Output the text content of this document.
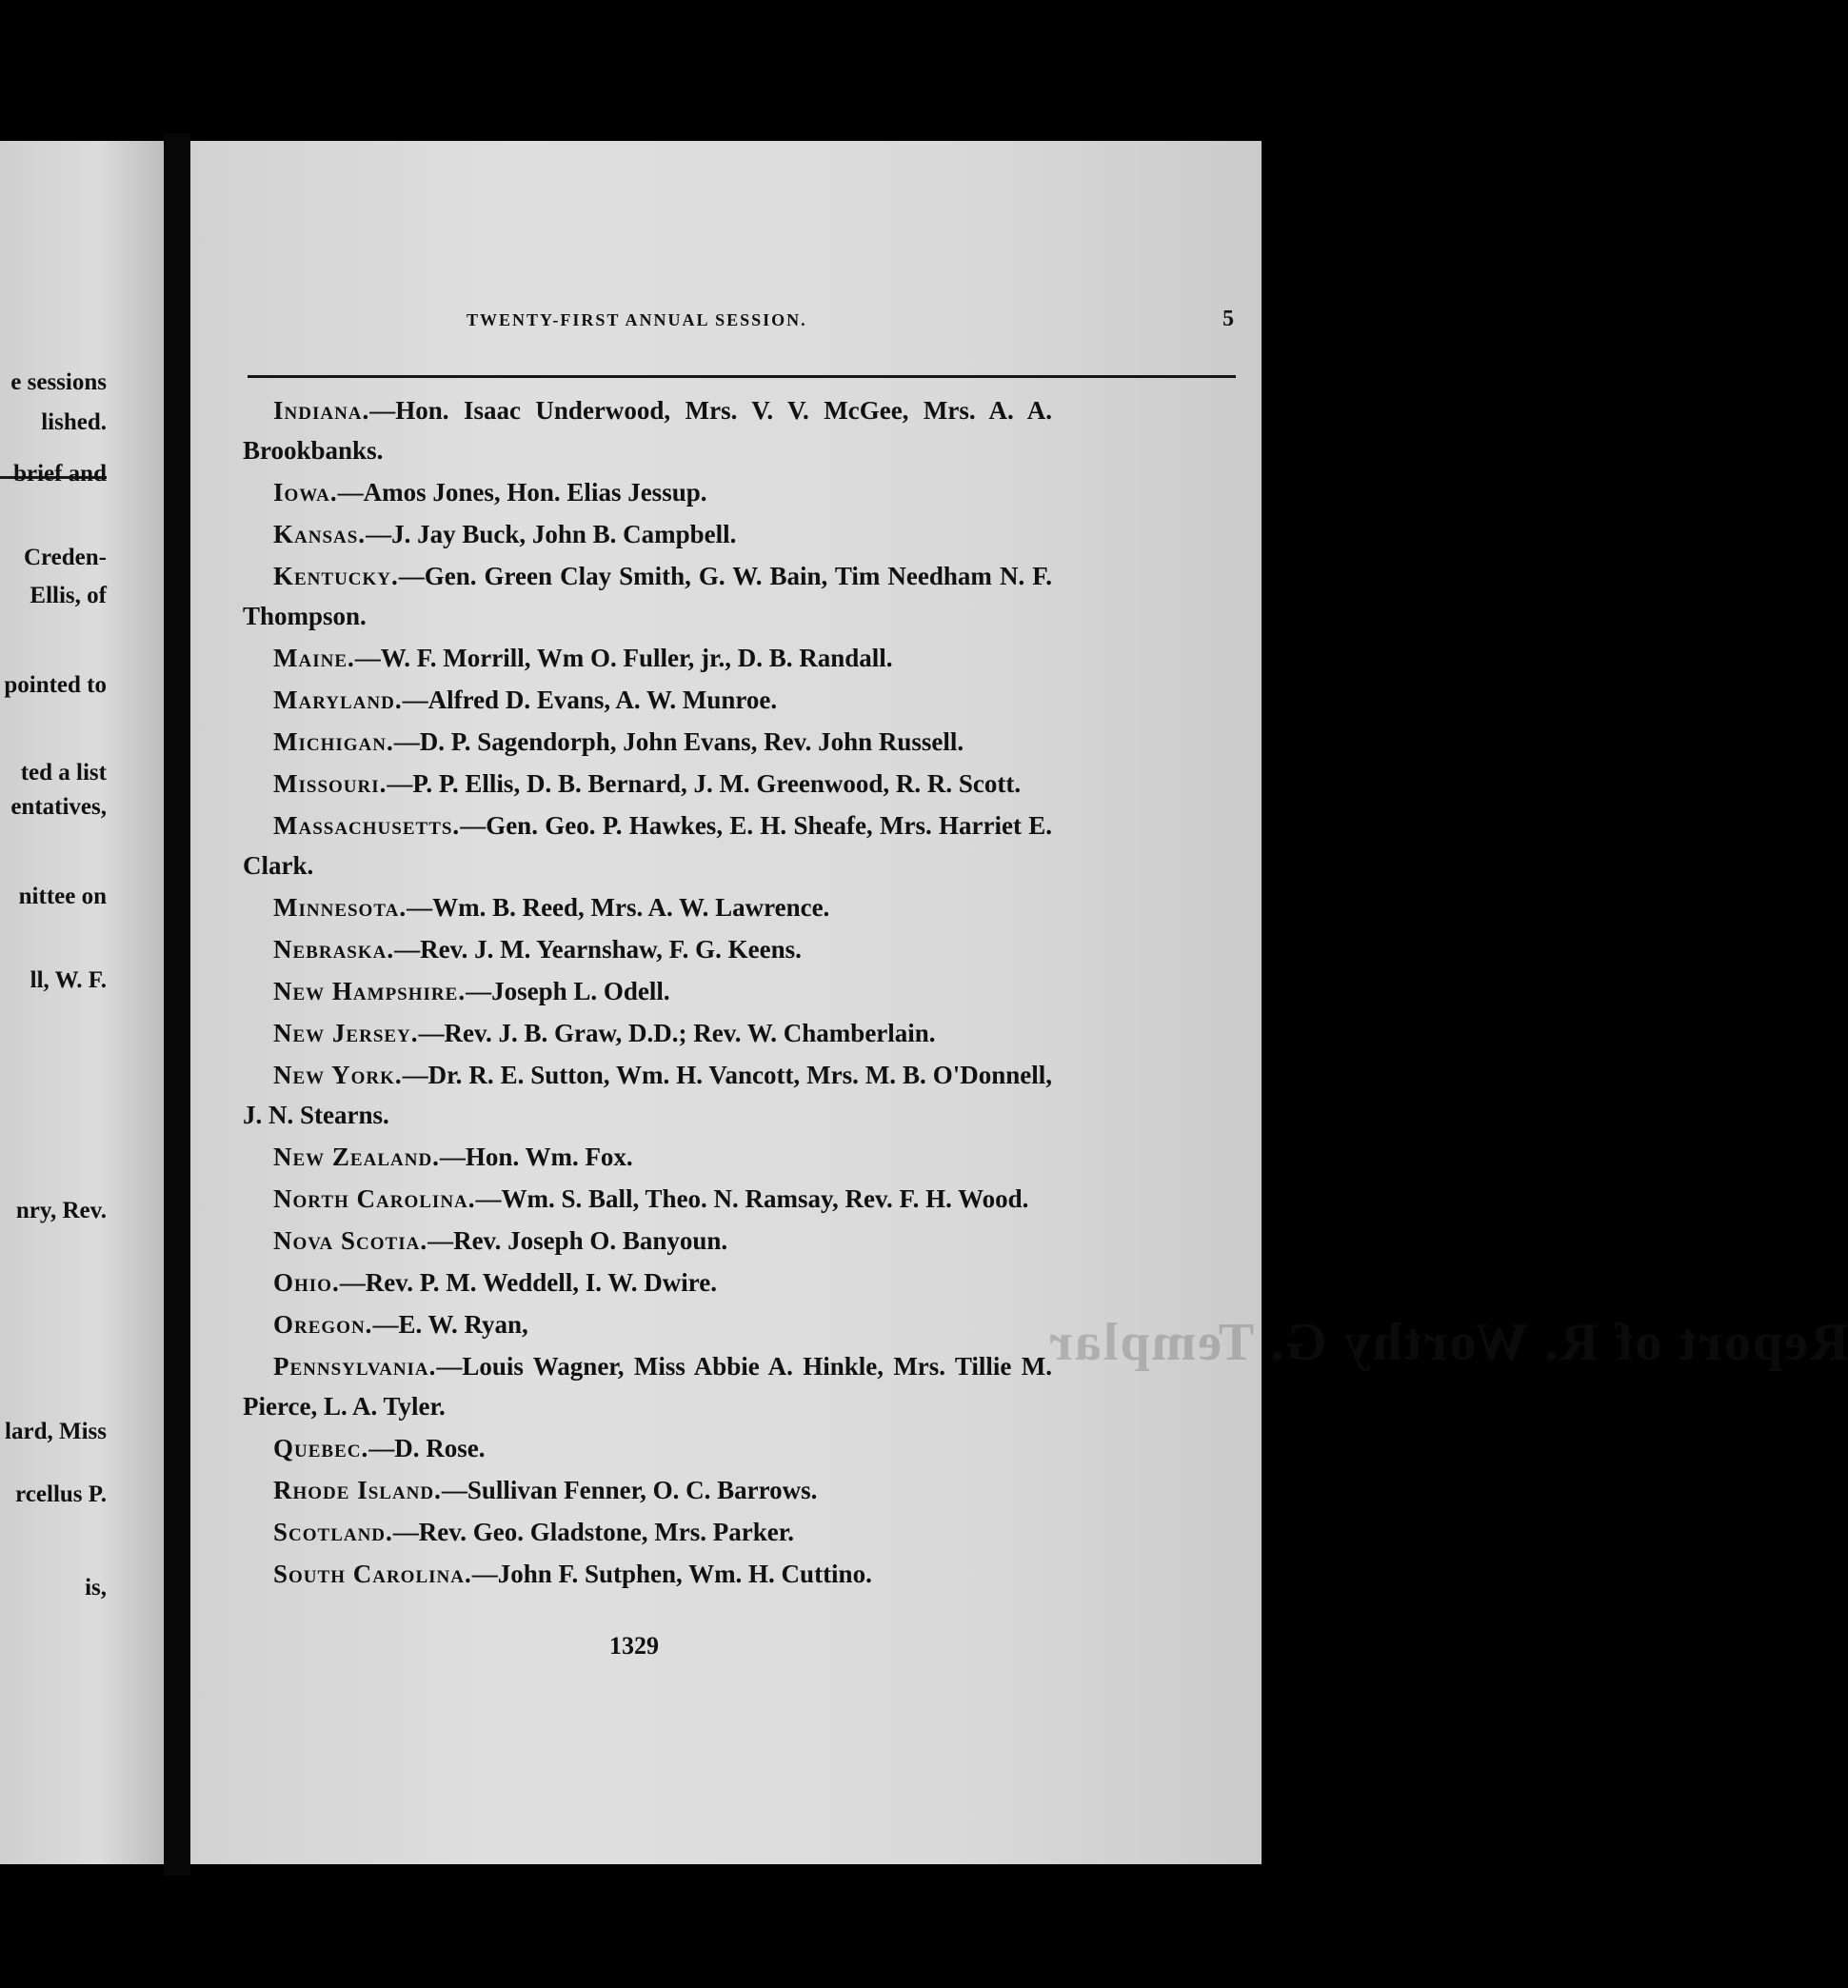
e sessions
lished.
brief and
Creden-
Ellis, of
pointed to
ted a list
entatives,
nittee on
ll, W. F.
nry, Rev.
lard, Miss
rcellus P.
is,
Report of R. Worthy G. Templar
TWENTY-FIRST ANNUAL SESSION.	5

Indiana.—Hon. Isaac Underwood, Mrs. V. V. McGee, Mrs. A. A. Brookbanks.

Iowa.—Amos Jones, Hon. Elias Jessup.

Kansas.—J. Jay Buck, John B. Campbell.

Kentucky.—Gen. Green Clay Smith, G. W. Bain, Tim Needham N. F. Thompson.

Maine.—W. F. Morrill, Wm O. Fuller, jr., D. B. Randall.

Maryland.—Alfred D. Evans, A. W. Munroe.

Michigan.—D. P. Sagendorph, John Evans, Rev. John Russell.

Missouri.—P. P. Ellis, D. B. Bernard, J. M. Greenwood, R. R. Scott.

Massachusetts.—Gen. Geo. P. Hawkes, E. H. Sheafe, Mrs. Harriet E. Clark.

Minnesota.—Wm. B. Reed, Mrs. A. W. Lawrence.

Nebraska.—Rev. J. M. Yearnshaw, F. G. Keens.

New Hampshire.—Joseph L. Odell.

New Jersey.—Rev. J. B. Graw, D.D.; Rev. W. Chamberlain.

New York.—Dr. R. E. Sutton, Wm. H. Vancott, Mrs. M. B. O'Donnell, J. N. Stearns.

New Zealand.—Hon. Wm. Fox.

North Carolina.—Wm. S. Ball, Theo. N. Ramsay, Rev. F. H. Wood.

Nova Scotia.—Rev. Joseph O. Banyoun.

Ohio.—Rev. P. M. Weddell, I. W. Dwire.

Oregon.—E. W. Ryan,

Pennsylvania.—Louis Wagner, Miss Abbie A. Hinkle, Mrs. Tillie M. Pierce, L. A. Tyler.

Quebec.—D. Rose.

Rhode Island.—Sullivan Fenner, O. C. Barrows.

Scotland.—Rev. Geo. Gladstone, Mrs. Parker.

South Carolina.—John F. Sutphen, Wm. H. Cuttino.

1329
